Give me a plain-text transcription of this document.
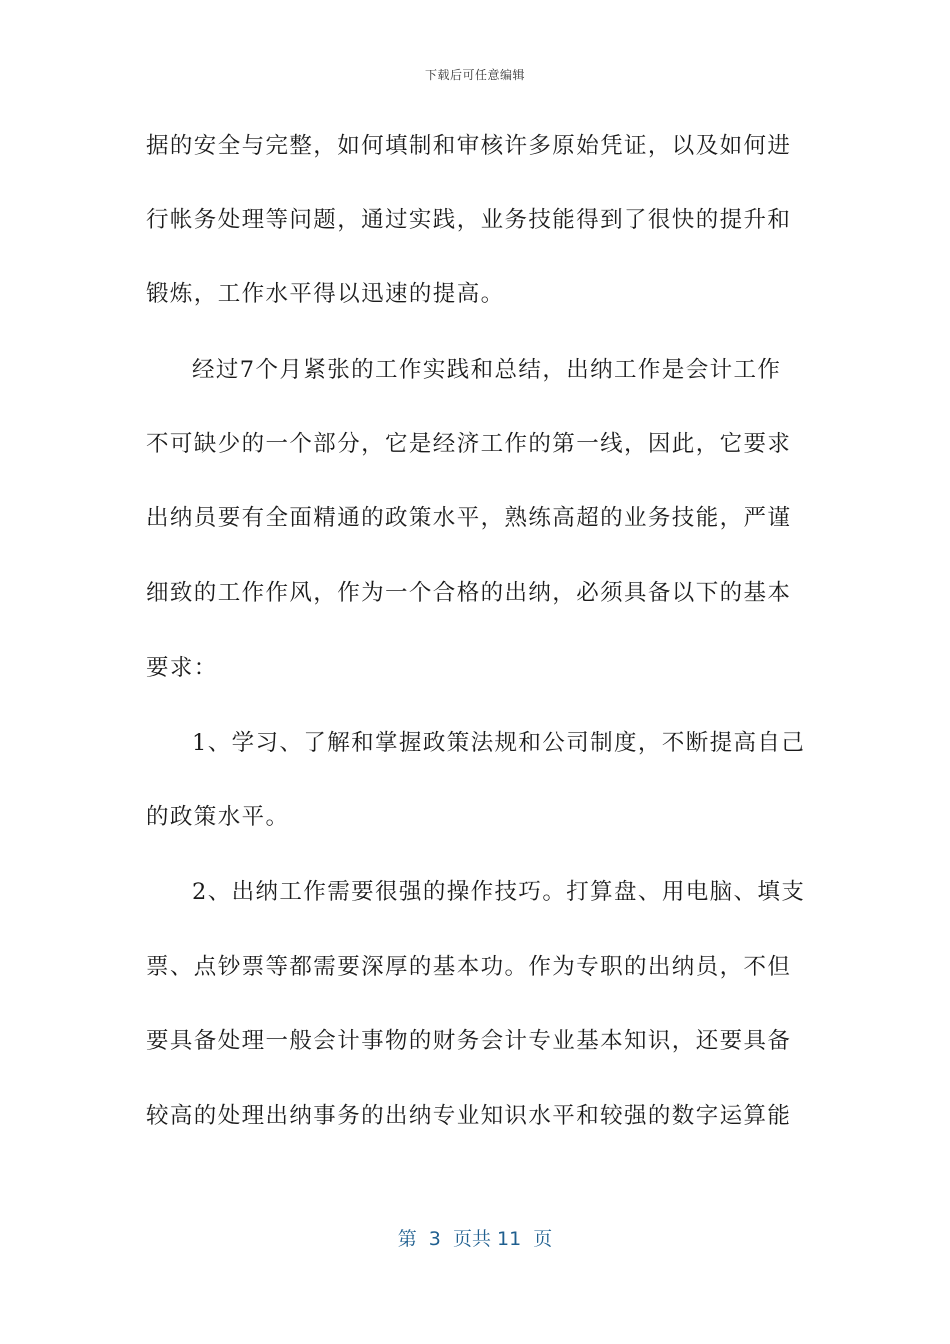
下载后可任意编辑
据的安全与完整，如何填制和审核许多原始凭证，以及如何进
行帐务处理等问题，通过实践，业务技能得到了很快的提升和
锻炼，工作水平得以迅速的提高。
经过7个月紧张的工作实践和总结，出纳工作是会计工作
不可缺少的一个部分，它是经济工作的第一线，因此，它要求
出纳员要有全面精通的政策水平，熟练高超的业务技能，严谨
细致的工作作风，作为一个合格的出纳，必须具备以下的基本
要求：
1、学习、了解和掌握政策法规和公司制度，不断提高自己
的政策水平。
2、出纳工作需要很强的操作技巧。打算盘、用电脑、填支
票、点钞票等都需要深厚的基本功。作为专职的出纳员，不但
要具备处理一般会计事物的财务会计专业基本知识，还要具备
较高的处理出纳事务的出纳专业知识水平和较强的数字运算能
第  3  页共 11  页
